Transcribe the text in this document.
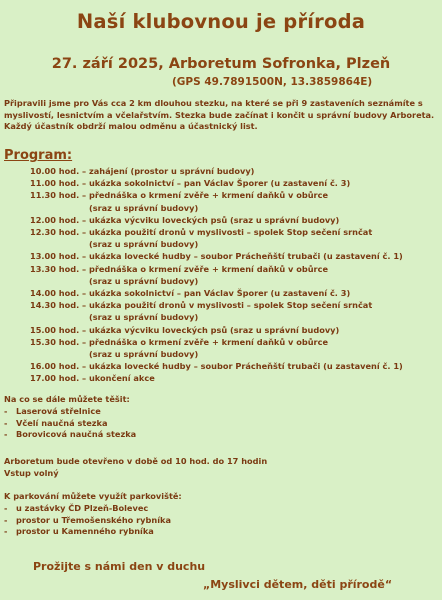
Naší klubovnou je příroda
27. září 2025, Arboretum Sofronka, Plzeň
(GPS 49.7891500N, 13.3859864E)
Připravili jsme pro Vás cca 2 km dlouhou stezku, na které se při 9 zastaveních seznámíte s
myslivostí, lesnictvím a včelařstvím. Stezka bude začínat i končit u správní budovy Arboreta.
Každý účastník obdrží malou odměnu a účastnický list.
Program:
10.00 hod. – zahájení (prostor u správní budovy)
11.00 hod. – ukázka sokolnictví – pan Václav Šporer (u zastavení č. 3)
11.30 hod. – přednáška o krmení zvěře + krmení daňků v obůrce
(sraz u správní budovy)
12.00 hod. – ukázka výcviku loveckých psů (sraz u správní budovy)
12.30 hod. – ukázka použití dronů v myslivosti – spolek Stop sečení srnčat
(sraz u správní budovy)
13.00 hod. – ukázka lovecké hudby – soubor Prácheňští trubači (u zastavení č. 1)
13.30 hod. – přednáška o krmení zvěře + krmení daňků v obůrce
(sraz u správní budovy)
14.00 hod. – ukázka sokolnictví – pan Václav Šporer (u zastavení č. 3)
14.30 hod. – ukázka použití dronů v myslivosti – spolek Stop sečení srnčat
(sraz u správní budovy)
15.00 hod. – ukázka výcviku loveckých psů (sraz u správní budovy)
15.30 hod. – přednáška o krmení zvěře + krmení daňků v obůrce
(sraz u správní budovy)
16.00 hod. – ukázka lovecké hudby – soubor Prácheňští trubači (u zastavení č. 1)
17.00 hod. – ukončení akce
Na co se dále můžete těšit:
- Laserová střelnice
- Včelí naučná stezka
- Borovicová naučná stezka
Arboretum bude otevřeno v době od 10 hod. do 17 hodin
Vstup volný
K parkování můžete využít parkoviště:
- u zastávky ČD Plzeň-Bolevec
- prostor u Třemošenského rybníka
- prostor u Kamenného rybníka
Prožijte s námi den v duchu
„Myslivci dětem, děti přírodě“
